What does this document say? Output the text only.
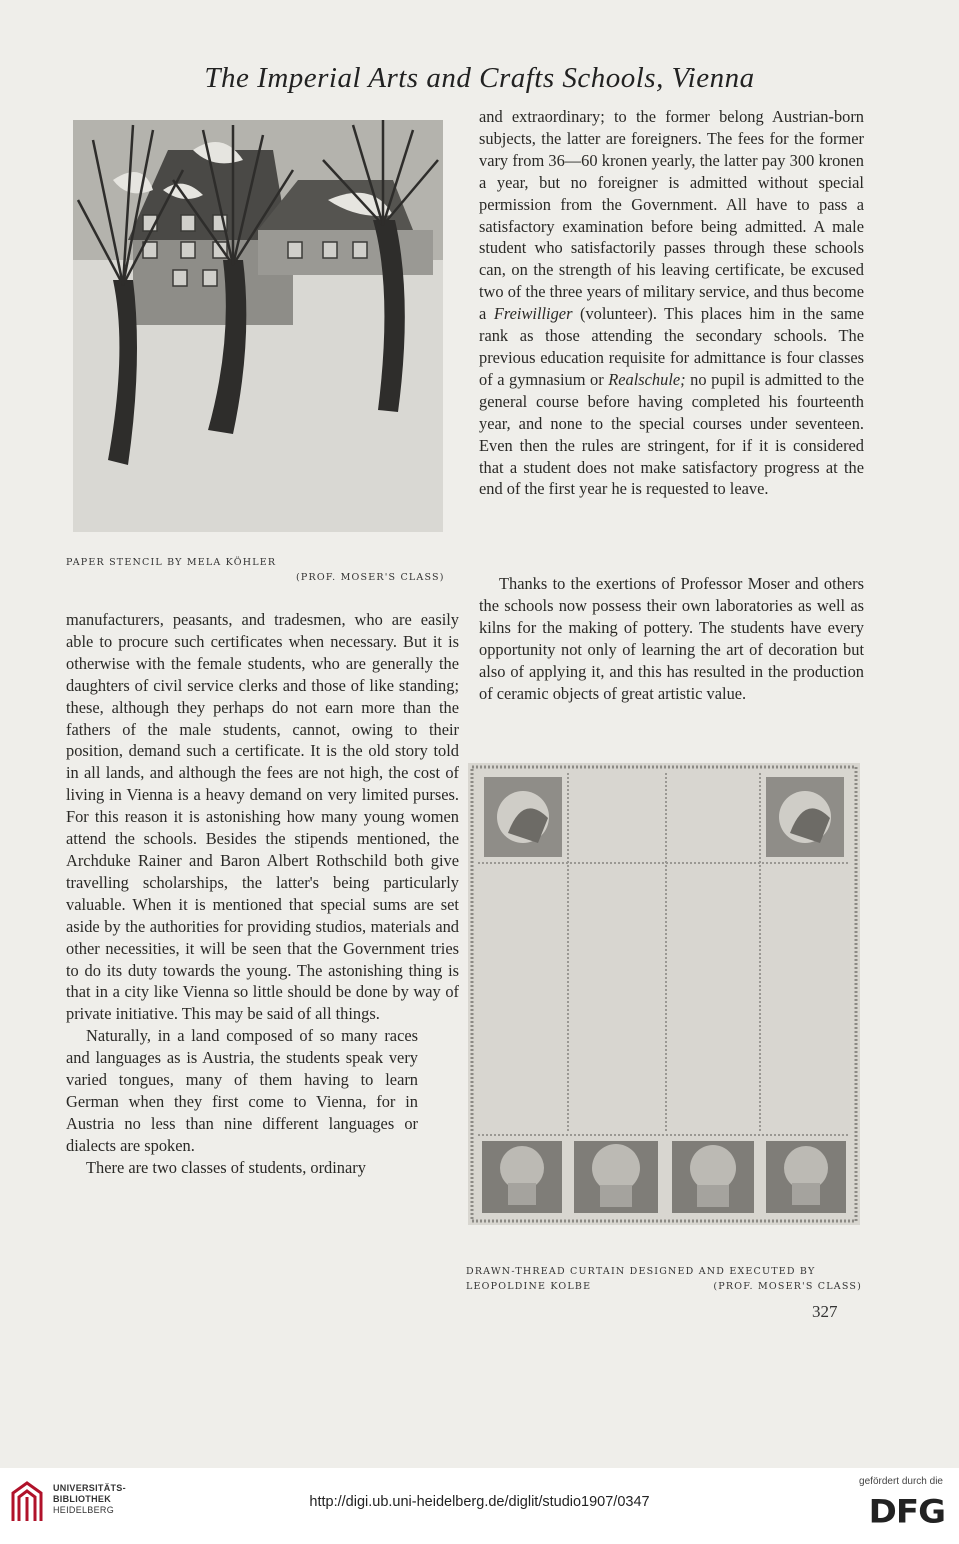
The Imperial Arts and Crafts Schools, Vienna
PAPER STENCIL BY MELA KÖHLER
(PROF. MOSER'S CLASS)

and extraordinary; to the former belong Austrian-born subjects, the latter are foreigners. The fees for the former vary from 36—60 kronen yearly, the latter pay 300 kronen a year, but no foreigner is admitted without special permission from the Government. All have to pass a satisfactory examination before being admitted. A male student who satisfactorily passes through these schools can, on the strength of his leaving certificate, be excused two of the three years of military service, and thus become a Freiwilliger (volunteer). This places him in the same rank as those attending the secondary schools. The previous education requisite for admittance is four classes of a gymnasium or Realschule; no pupil is admitted to the general course before having completed his fourteenth year, and none to the special courses under seventeen. Even then the rules are stringent, for if it is considered that a student does not make satisfactory progress at the end of the first year he is requested to leave.

Thanks to the exertions of Professor Moser and others the schools now possess their own laboratories as well as kilns for the making of pottery. The students have every opportunity not only of learning the art of decoration but also of applying it, and this has resulted in the production of ceramic objects of great artistic value.

manufacturers, peasants, and tradesmen, who are easily able to procure such certificates when necessary. But it is otherwise with the female students, who are generally the daughters of civil service clerks and those of like standing; these, although they perhaps do not earn more than the fathers of the male students, cannot, owing to their position, demand such a certificate. It is the old story told in all lands, and although the fees are not high, the cost of living in Vienna is a heavy demand on very limited purses. For this reason it is astonishing how many young women attend the schools. Besides the stipends mentioned, the Archduke Rainer and Baron Albert Rothschild both give travelling scholarships, the latter's being particularly valuable. When it is mentioned that special sums are set aside by the authorities for providing studios, materials and other necessities, it will be seen that the Government tries to do its duty towards the young. The astonishing thing is that in a city like Vienna so little should be done by way of private initiative. This may be said of all things.

Naturally, in a land composed of so many races and languages as is Austria, the students speak very varied tongues, many of them having to learn German when they first come to Vienna, for in Austria no less than nine different languages or dialects are spoken.

There are two classes of students, ordinary

DRAWN-THREAD CURTAIN DESIGNED AND EXECUTED BY
LEOPOLDINE KOLBE	(PROF. MOSER'S CLASS)
327
UNIVERSITÄTS-
BIBLIOTHEK
HEIDELBERG	http://digi.ub.uni-heidelberg.de/diglit/studio1907/0347
gefördert durch die
DFG
